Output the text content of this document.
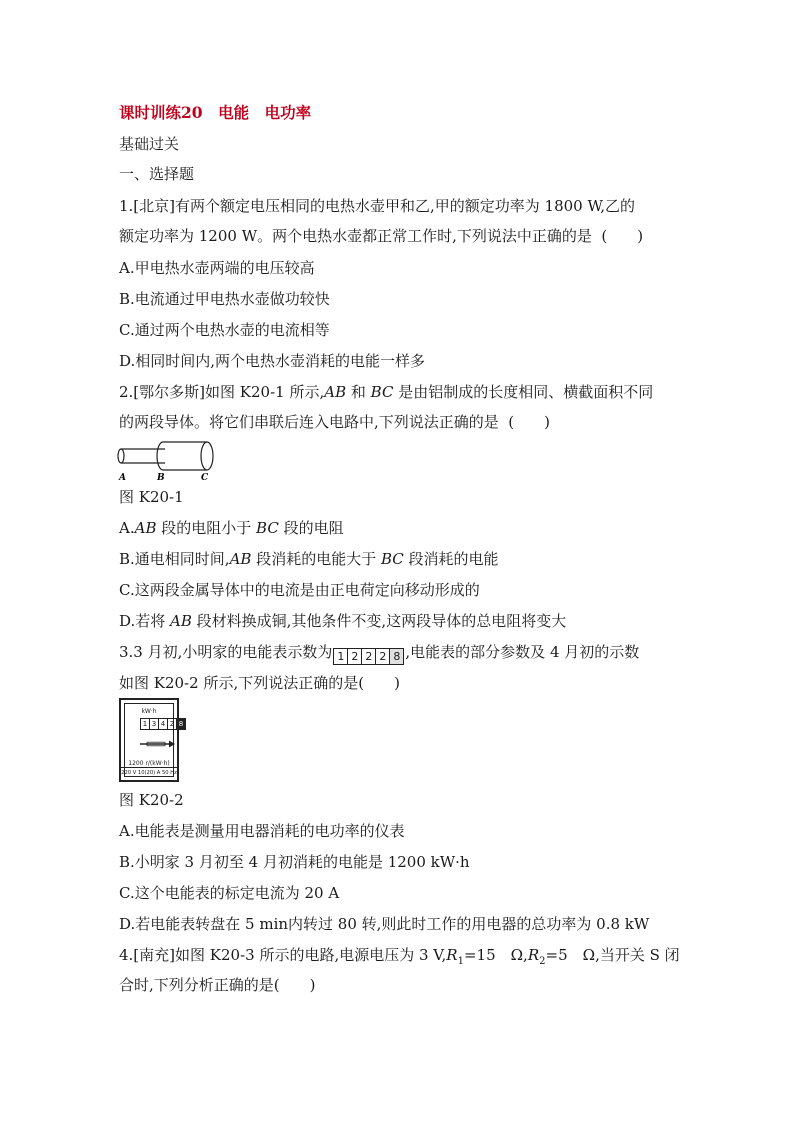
课时训练20　电能　电功率
基础过关
一、选择题
1.[北京]有两个额定电压相同的电热水壶甲和乙,甲的额定功率为 1800 W,乙的
额定功率为 1200 W。两个电热水壶都正常工作时,下列说法中正确的是  (　　)
A.甲电热水壶两端的电压较高
B.电流通过甲电热水壶做功较快
C.通过两个电热水壶的电流相等
D.相同时间内,两个电热水壶消耗的电能一样多
2.[鄂尔多斯]如图 K20-1 所示,AB 和 BC 是由铝制成的长度相同、横截面积不同
的两段导体。将它们串联后连入电路中,下列说法正确的是  (　　)
A	B	C
图 K20-1
A.AB 段的电阻小于 BC 段的电阻
B.通电相同时间,AB 段消耗的电能大于 BC 段消耗的电能
C.这两段金属导体中的电流是由正电荷定向移动形成的
D.若将 AB 段材料换成铜,其他条件不变,这两段导体的总电阻将变大
3.3 月初,小明家的电能表示数为 1 2 2 2 8 ,电能表的部分参数及 4 月初的示数
如图 K20-2 所示,下列说法正确的是(　　)
kW·h
1 3 4 2 8
1200 r/(kW·h)
220 V 10(20) A 50 Hz
图 K20-2
A.电能表是测量用电器消耗的电功率的仪表
B.小明家 3 月初至 4 月初消耗的电能是 1200 kW·h
C.这个电能表的标定电流为 20 A
D.若电能表转盘在 5 min内转过 80 转,则此时工作的用电器的总功率为 0.8 kW
4.[南充]如图 K20-3 所示的电路,电源电压为 3 $V,R_1=15$　$\Omega,R_2=5$　Ω,当开关 S 闭
合时,下列分析正确的是(　　)
